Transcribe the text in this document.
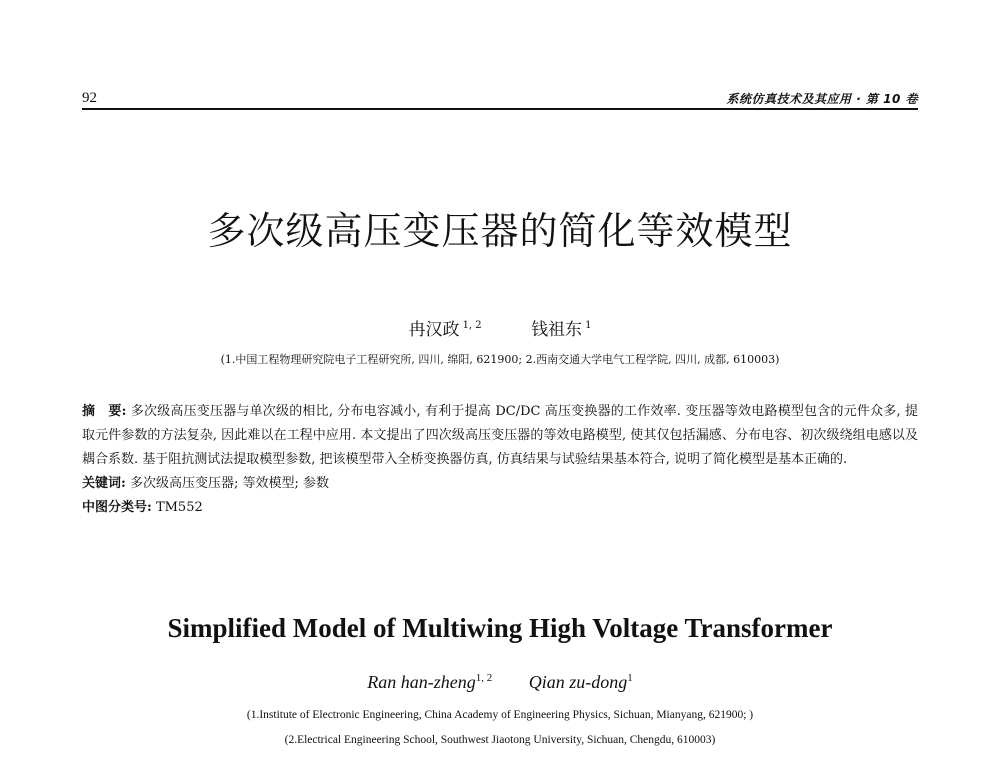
92	系统仿真技术及其应用 · 第 10 卷
多次级高压变压器的简化等效模型
冉汉政 $^{1, 2}$	钱祖东 $^1$
(1.中国工程物理研究院电子工程研究所, 四川, 绵阳, 621900; 2.西南交通大学电气工程学院, 四川, 成都, 610003)

摘　要: 多次级高压变压器与单次级的相比, 分布电容减小, 有利于提高 DC/DC 高压变换器的工作效率. 变压器等效电路模型包含的元件众多, 提取元件参数的方法复杂, 因此难以在工程中应用. 本文提出了四次级高压变压器的等效电路模型, 使其仅包括漏感、分布电容、初次级绕组电感以及耦合系数. 基于阻抗测试法提取模型参数, 把该模型带入全桥变换器仿真, 仿真结果与试验结果基本符合, 说明了简化模型是基本正确的.

关键词: 多次级高压变压器; 等效模型; 参数

中图分类号: TM552

Simplified Model of Multiwing High Voltage Transformer
Ran han-zheng$^{1, 2}$ Qian zu-dong$^1$
(1.Institute of Electronic Engineering, China Academy of Engineering Physics, Sichuan, Mianyang, 621900; )
(2.Electrical Engineering School, Southwest Jiaotong University, Sichuan, Chengdu, 610003)
